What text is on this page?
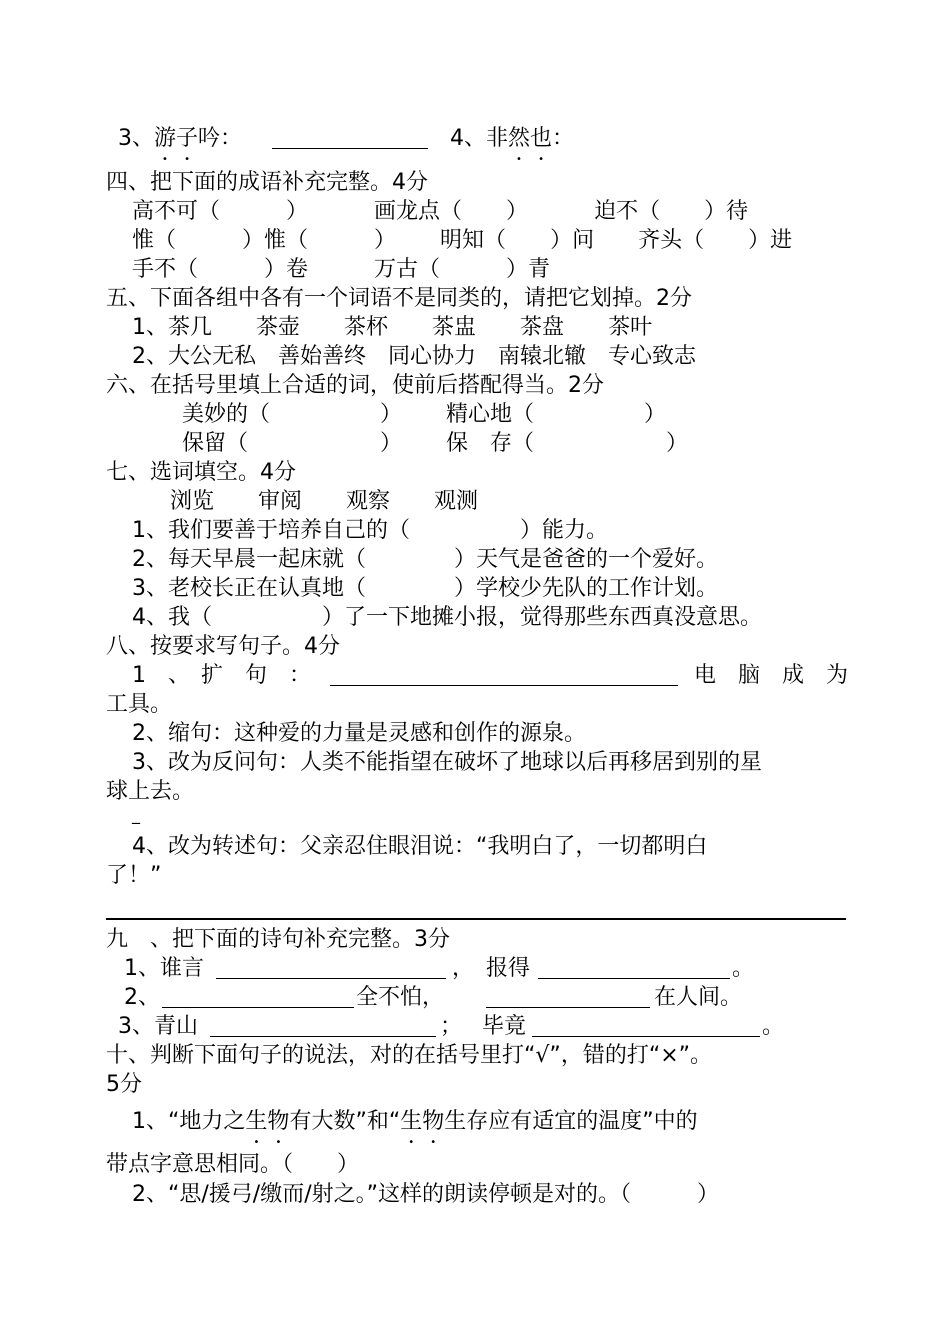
3、游子吟：	4、非然也：
四、把下面的成语补充完整。4分
高不可（	）	画龙点（ ）	迫不（ ）待
惟（	）惟（	） 明知（ ）问 齐头（ ）进
手不（	）卷	万古（	）青
五、下面各组中各有一个词语不是同类的，请把它划掉。2分
1、茶几 茶壶 茶杯 茶盅 茶盘 茶叶
2、大公无私 善始善终 同心协力 南辕北辙 专心致志
六、在括号里填上合适的词，使前后搭配得当。2分
美妙的（	） 精心地（	）
保留（	） 保　存（	）
七、选词填空。4分
浏览 审阅 观察 观测
1、我们要善于培养自己的（	）能力。
2、每天早晨一起床就（	）天气是爸爸的一个爱好。
3、老校长正在认真地（	）学校少先队的工作计划。
4、我（	）了一下地摊小报，觉得那些东西真没意思。
八、按要求写句子。4分
1　、　扩　句　：	电　脑　成　为
工具。
2、缩句：这种爱的力量是灵感和创作的源泉。
3、改为反问句：人类不能指望在破坏了地球以后再移居到别的星
球上去。
_
4、改为转述句：父亲忍住眼泪说：“我明白了，一切都明白
了！”
九　、把下面的诗句补充完整。3分
1、谁言	， 报得	。
2、	全不怕，	在人间。
3、青山	； 毕竟	。
十、判断下面句子的说法，对的在括号里打“√”，错的打“×”。
5分
1、“地力之生物有大数”和“生物生存应有适宜的温度”中的
带点字意思相同。（　　）
2、“思/援弓/缴而/射之。”这样的朗读停顿是对的。（　　　）
